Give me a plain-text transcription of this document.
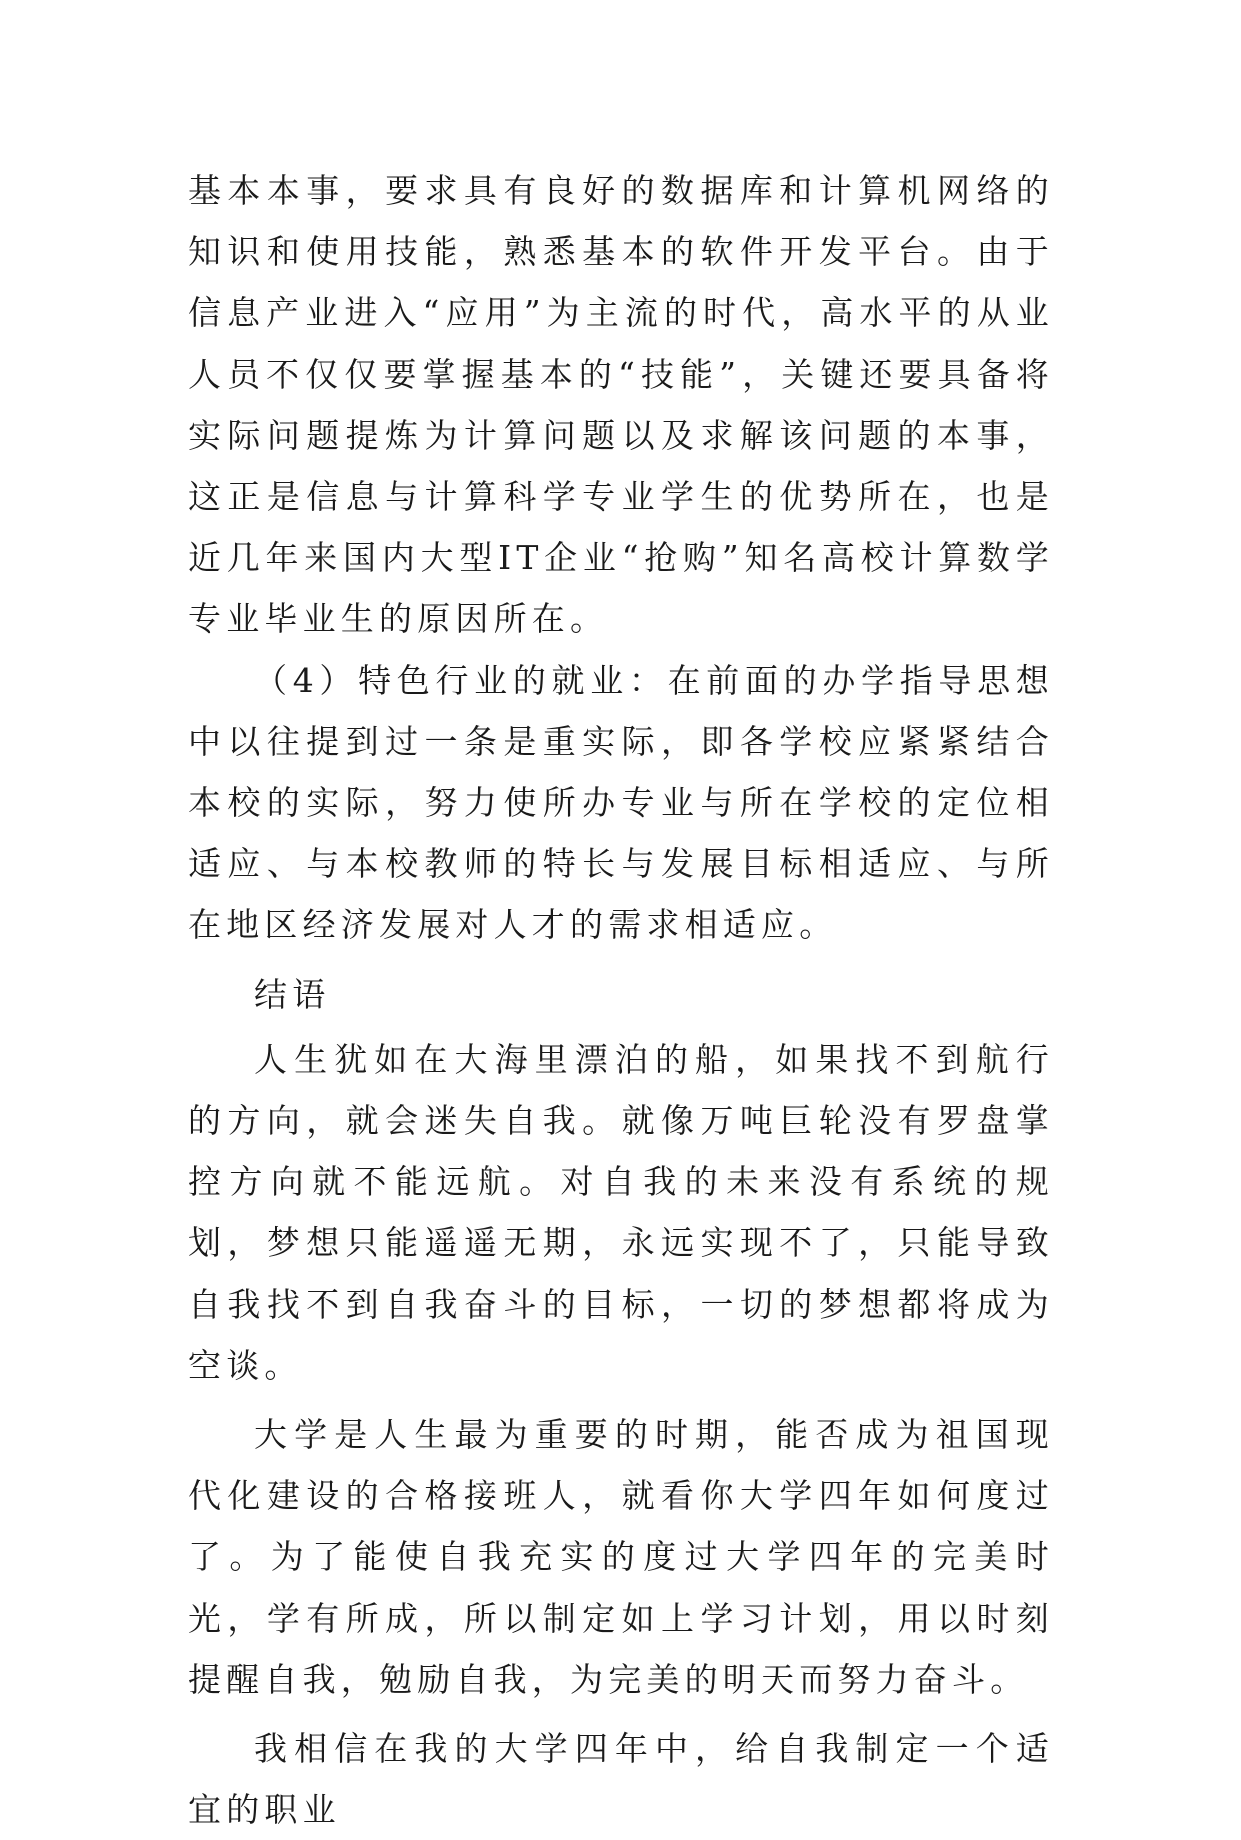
基本本事，要求具有良好的数据库和计算机网络的知识和使用技能，熟悉基本的软件开发平台。由于信息产业进入“应用”为主流的时代，高水平的从业人员不仅仅要掌握基本的“技能”，关键还要具备将实际问题提炼为计算问题以及求解该问题的本事，这正是信息与计算科学专业学生的优势所在，也是近几年来国内大型IT企业“抢购”知名高校计算数学专业毕业生的原因所在。

（4）特色行业的就业：在前面的办学指导思想中以往提到过一条是重实际，即各学校应紧紧结合本校的实际，努力使所办专业与所在学校的定位相适应、与本校教师的特长与发展目标相适应、与所在地区经济发展对人才的需求相适应。

结语

人生犹如在大海里漂泊的船，如果找不到航行的方向，就会迷失自我。就像万吨巨轮没有罗盘掌控方向就不能远航。对自我的未来没有系统的规划，梦想只能遥遥无期，永远实现不了，只能导致自我找不到自我奋斗的目标，一切的梦想都将成为空谈。

大学是人生最为重要的时期，能否成为祖国现代化建设的合格接班人，就看你大学四年如何度过了。为了能使自我充实的度过大学四年的完美时光，学有所成，所以制定如上学习计划，用以时刻提醒自我，勉励自我，为完美的明天而努力奋斗。

我相信在我的大学四年中，给自我制定一个适宜的职业
